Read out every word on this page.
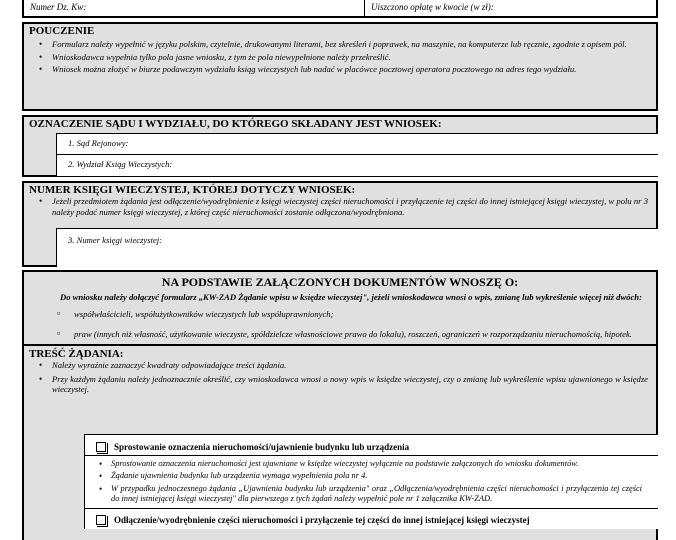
Numer Dz. Kw:	Uiszczono opłatę w kwocie (w zł):
POUCZENIE
• Formularz należy wypełnić w języku polskim, czytelnie, drukowanymi literami, bez skreśleń i poprawek, na maszynie, na komputerze lub ręcznie, zgodnie z opisem pól.
• Wnioskodawca wypełnia tylko pola jasne wniosku, z tym że pola niewypełnione należy przekreślić.
• Wniosek można złożyć w biurze podawczym wydziału ksiąg wieczystych lub nadać w placówce pocztowej operatora pocztowego na adres tego wydziału.
OZNACZENIE SĄDU I WYDZIAŁU, DO KTÓREGO SKŁADANY JEST WNIOSEK:
1. Sąd Rejonowy:
2. Wydział Ksiąg Wieczystych:
NUMER KSIĘGI WIECZYSTEJ, KTÓREJ DOTYCZY WNIOSEK:
• Jeżeli przedmiotem żądania jest odłączenie/wyodrębnienie z księgi wieczystej części nieruchomości i przyłączenie tej części do innej istniejącej księgi wieczystej, w polu nr 3 należy podać numer księgi wieczystej, z której część nieruchomości zostanie odłączona/wyodrębniona.
3. Numer księgi wieczystej:
NA PODSTAWIE ZAŁĄCZONYCH DOKUMENTÓW WNOSZĘ O:
Do wniosku należy dołączyć formularz „KW-ZAD Żądanie wpisu w księdze wieczystej", jeżeli wnioskodawca wnosi o wpis, zmianę lub wykreślenie więcej niż dwóch:
▫ współwłaścicieli, współużytkowników wieczystych lub współuprawnionych;
▫ praw (innych niż własność, użytkowanie wieczyste, spółdzielcze własnościowe prawo do lokalu), roszczeń, ograniczeń w rozporządzaniu nieruchomością, hipotek.
TREŚĆ ŻĄDANIA:
• Należy wyraźnie zaznaczyć kwadraty odpowiadające treści żądania.
• Przy każdym żądaniu należy jednoznacznie określić, czy wnioskodawca wnosi o nowy wpis w księdze wieczystej, czy o zmianę lub wykreślenie wpisu ujawnionego w księdze wieczystej.
Sprostowanie oznaczenia nieruchomości/ujawnienie budynku lub urządzenia
• Sprostowanie oznaczenia nieruchomości jest ujawniane w księdze wieczystej wyłącznie na podstawie załączonych do wniosku dokumentów.
• Żądanie ujawnienia budynku lub urządzenia wymaga wypełnienia pola nr 4.
• W przypadku jednoczesnego żądania „Ujawnienia budynku lub urządzenia" oraz „Odłączenia/wyodrębnienia części nieruchomości i przyłączenia tej części do innej istniejącej księgi wieczystej" dla pierwszego z tych żądań należy wypełnić pole nr 1 załącznika KW-ZAD.
Odłączenie/wyodrębnienie części nieruchomości i przyłączenie tej części do innej istniejącej księgi wieczystej
